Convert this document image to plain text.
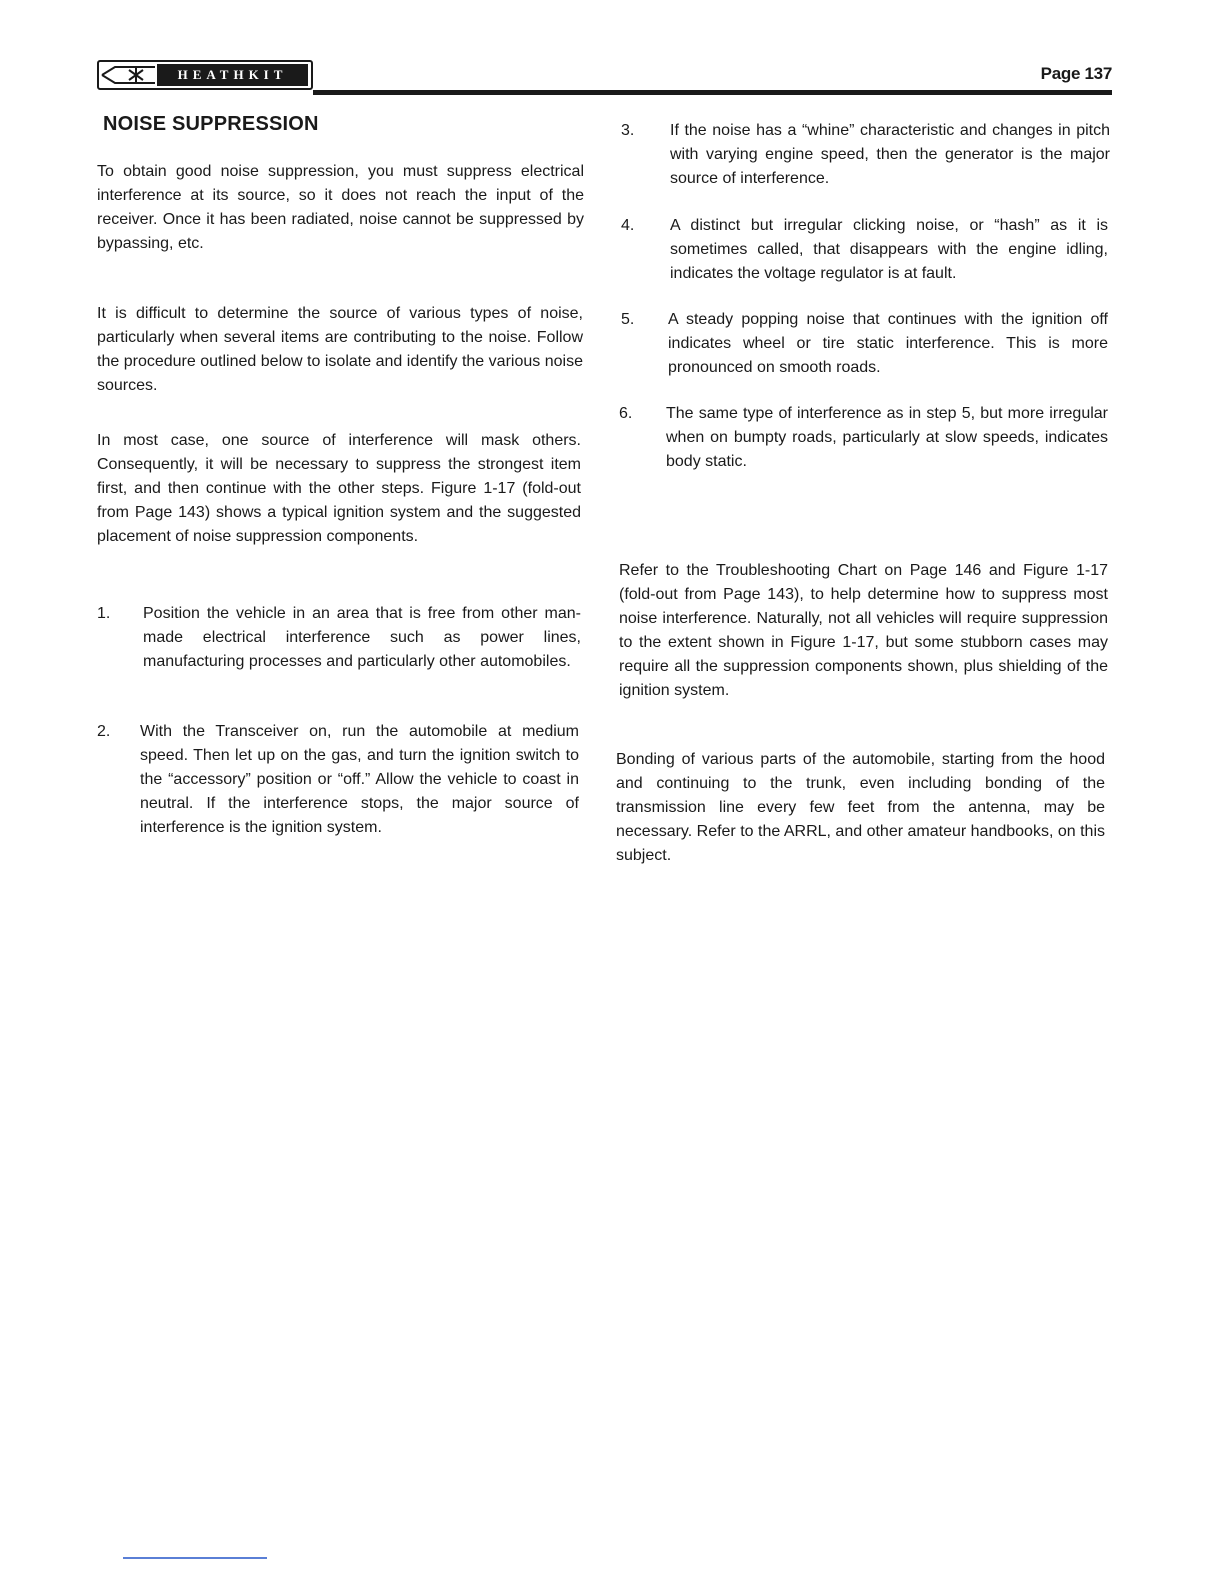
HEATHKIT	Page 137
NOISE SUPPRESSION

To obtain good noise suppression, you must suppress electrical interference at its source, so it does not reach the input of the receiver. Once it has been radiated, noise cannot be suppressed by bypassing, etc.

It is difficult to determine the source of various types of noise, particularly when several items are contributing to the noise. Follow the procedure outlined below to isolate and identify the various noise sources.

In most case, one source of interference will mask others. Consequently, it will be necessary to suppress the strongest item first, and then continue with the other steps. Figure 1-17 (fold-out from Page 143) shows a typical ignition system and the suggested placement of noise suppression components.

1. Position the vehicle in an area that is free from other man-made electrical interference such as power lines, manufacturing processes and particularly other automobiles.

2. With the Transceiver on, run the automobile at medium speed. Then let up on the gas, and turn the ignition switch to the “accessory” position or “off.” Allow the vehicle to coast in neutral. If the interference stops, the major source of interference is the ignition system.

3. If the noise has a “whine” characteristic and changes in pitch with varying engine speed, then the generator is the major source of interference.

4. A distinct but irregular clicking noise, or “hash” as it is sometimes called, that disappears with the engine idling, indicates the voltage regulator is at fault.

5. A steady popping noise that continues with the ignition off indicates wheel or tire static interference. This is more pronounced on smooth roads.

6. The same type of interference as in step 5, but more irregular when on bumpty roads, particularly at slow speeds, indicates body static.

Refer to the Troubleshooting Chart on Page 146 and Figure 1-17 (fold-out from Page 143), to help determine how to suppress most noise interference. Naturally, not all vehicles will require suppression to the extent shown in Figure 1-17, but some stubborn cases may require all the suppression components shown, plus shielding of the ignition system.

Bonding of various parts of the automobile, starting from the hood and continuing to the trunk, even including bonding of the transmission line every few feet from the antenna, may be necessary. Refer to the ARRL, and other amateur handbooks, on this subject.
